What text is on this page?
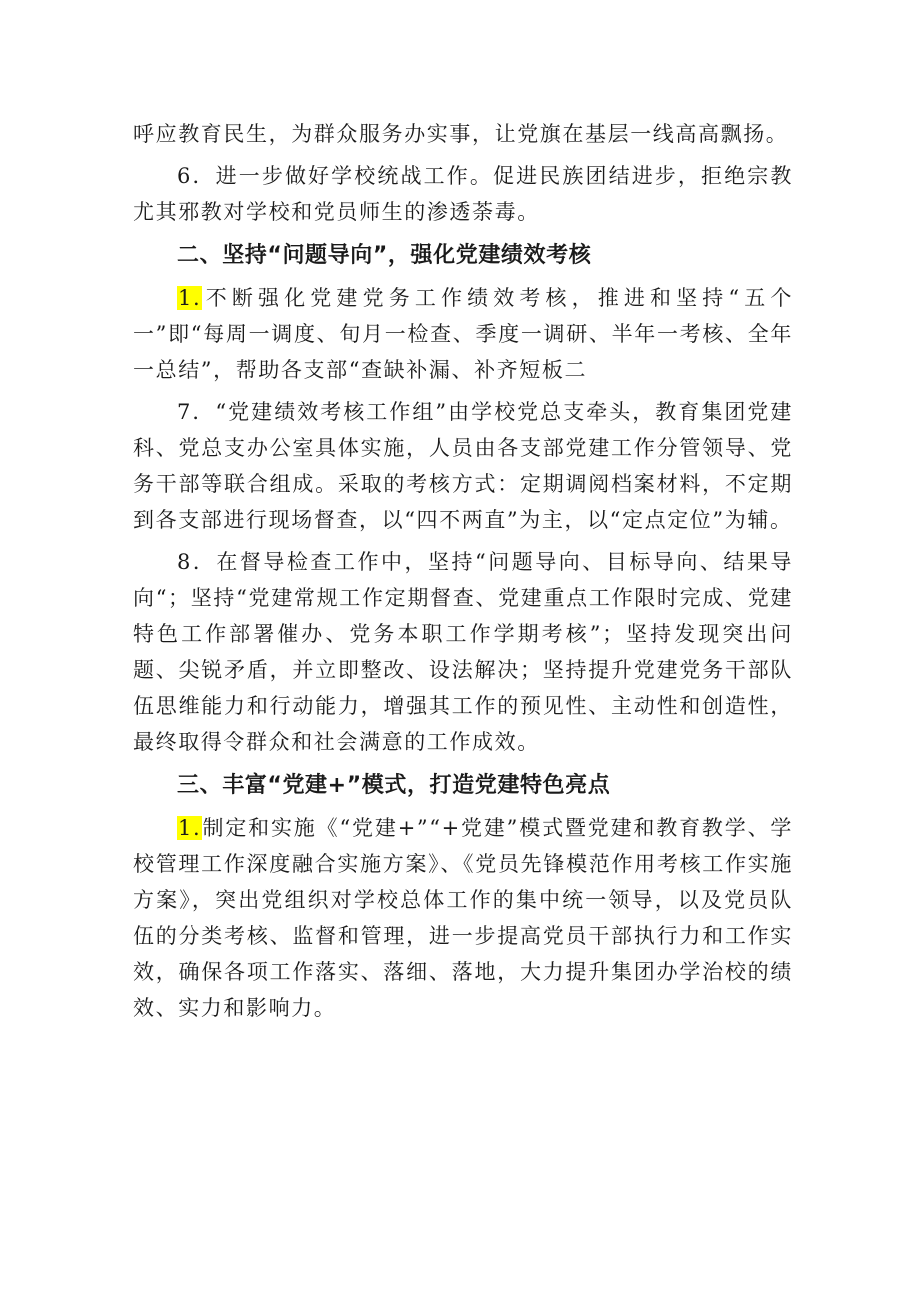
呼应教育民生，为群众服务办实事，让党旗在基层一线高高飘扬。

6．进一步做好学校统战工作。促进民族团结进步，拒绝宗教尤其邪教对学校和党员师生的渗透荼毒。

二、坚持“问题导向”，强化党建绩效考核

1.不断强化党建党务工作绩效考核，推进和坚持“五个一”即“每周一调度、旬月一检查、季度一调研、半年一考核、全年一总结”，帮助各支部“查缺补漏、补齐短板二

7．“党建绩效考核工作组”由学校党总支牵头，教育集团党建科、党总支办公室具体实施，人员由各支部党建工作分管领导、党务干部等联合组成。采取的考核方式：定期调阅档案材料，不定期到各支部进行现场督查，以“四不两直”为主，以“定点定位”为辅。

8．在督导检查工作中，坚持“问题导向、目标导向、结果导向“；坚持“党建常规工作定期督查、党建重点工作限时完成、党建特色工作部署催办、党务本职工作学期考核”；坚持发现突出问题、尖锐矛盾，并立即整改、设法解决；坚持提升党建党务干部队伍思维能力和行动能力，增强其工作的预见性、主动性和创造性，最终取得令群众和社会满意的工作成效。

三、丰富“党建+”模式，打造党建特色亮点

1.制定和实施《“党建+”“+党建”模式暨党建和教育教学、学校管理工作深度融合实施方案》、《党员先锋模范作用考核工作实施方案》，突出党组织对学校总体工作的集中统一领导，以及党员队伍的分类考核、监督和管理，进一步提高党员干部执行力和工作实效，确保各项工作落实、落细、落地，大力提升集团办学治校的绩效、实力和影响力。
